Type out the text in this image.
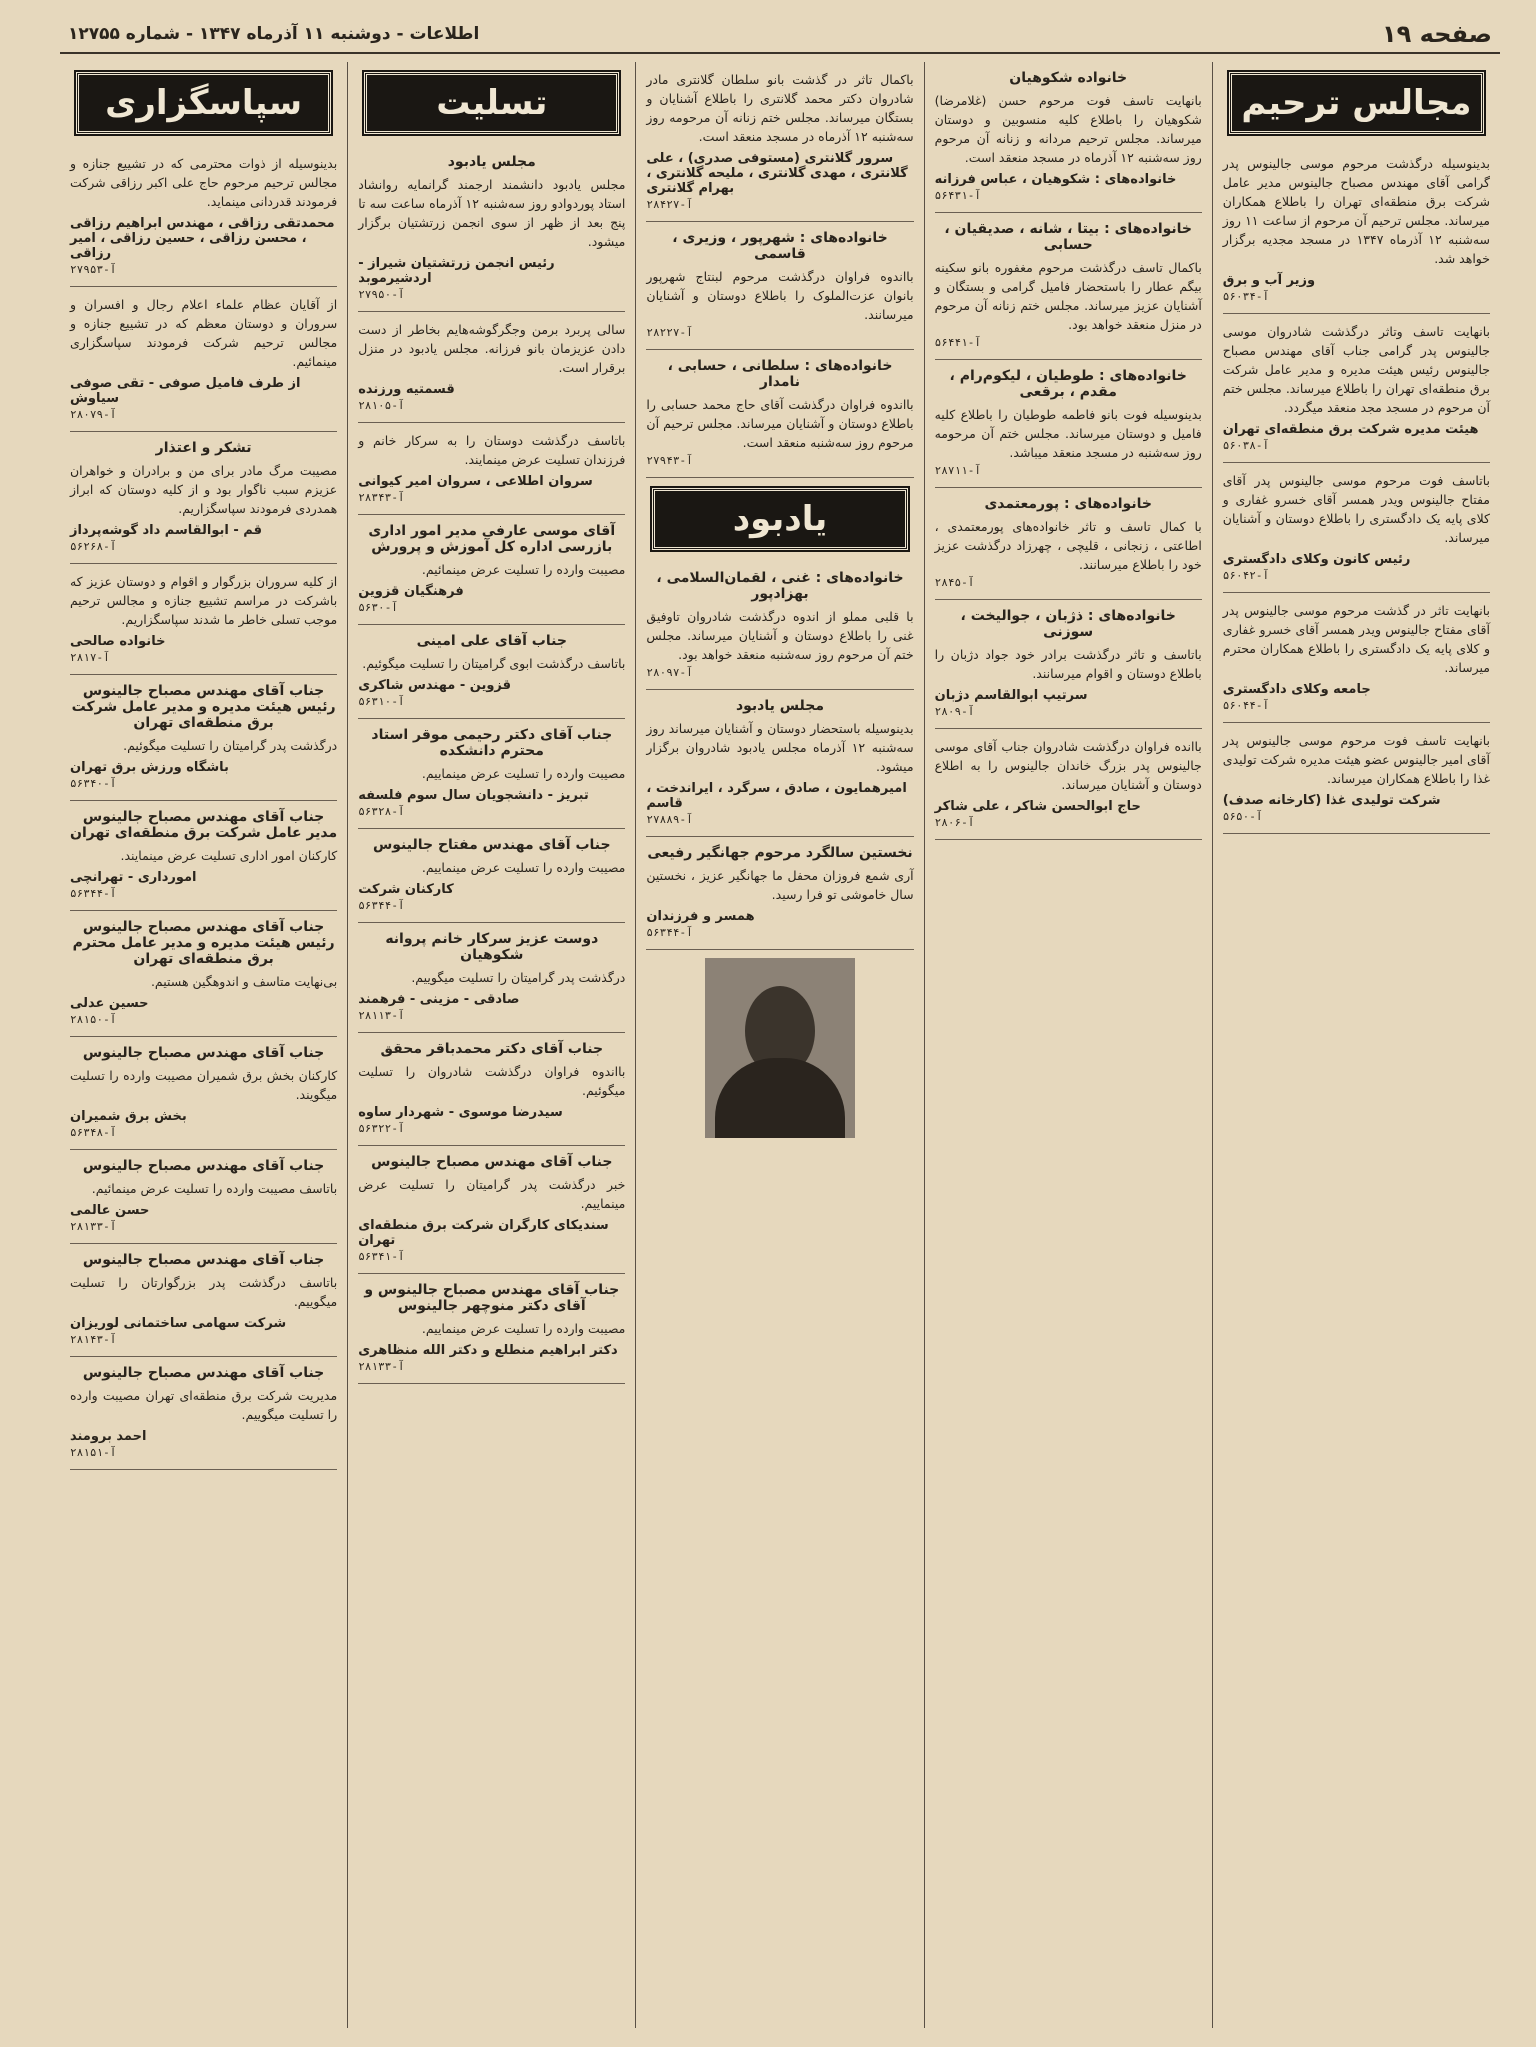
صفحه ۱۹
اطلاعات - دوشنبه ۱۱ آذرماه ۱۳۴۷ - شماره ۱۲۷۵۵
مجالس ترحیم

بدینوسیله درگذشت مرحوم موسی جالینوس پدر گرامی آقای مهندس مصباح جالینوس مدیر عامل شرکت برق منطقه‌ای تهران را باطلاع همکاران میرساند. مجلس ترحیم آن مرحوم از ساعت ۱۱ روز سه‌شنبه ۱۲ آذرماه ۱۳۴۷ در مسجد مجدیه برگزار خواهد شد.

وزیر آب و برق
آ-۵۶۰۳۴

بانهایت تاسف وتاثر درگذشت شادروان موسی جالینوس پدر گرامی جناب آقای مهندس مصباح جالینوس رئیس هیئت مدیره و مدیر عامل شرکت برق منطقه‌ای تهران را باطلاع میرساند. مجلس ختم آن مرحوم در مسجد مجد منعقد میگردد.

هیئت مدیره شرکت برق منطقه‌ای تهران
آ-۵۶۰۳۸

باتاسف فوت مرحوم موسی جالینوس پدر آقای مفتاح جالینوس ویدر همسر آقای خسرو غفاری و کلای پایه یک دادگستری را باطلاع دوستان و آشنایان میرساند.

رئیس کانون وکلای دادگستری
آ-۵۶۰۴۲

بانهایت تاثر در گذشت مرحوم موسی جالینوس پدر آقای مفتاح جالینوس ویدر همسر آقای خسرو غفاری و کلای پایه یک دادگستری را باطلاع همکاران محترم میرساند.

جامعه وکلای دادگستری
آ-۵۶۰۴۴

بانهایت تاسف فوت مرحوم موسی جالینوس پدر آقای امیر جالینوس عضو هیئت مدیره شرکت تولیدی غذا را باطلاع همکاران میرساند.

شرکت تولیدی غذا (کارخانه صدف)
آ-۵۶۵۰
خانواده شکوهیان

بانهایت تاسف فوت مرحوم حسن (غلامرضا) شکوهیان را باطلاع کلیه منسوبین و دوستان میرساند. مجلس ترحیم مردانه و زنانه آن مرحوم روز سه‌شنبه ۱۲ آذرماه در مسجد منعقد است.

خانواده‌های : شکوهیان ، عباس فرزانه
آ-۵۶۴۳۱
خانواده‌های : بیتا ، شانه ، صدیقیان ، حسابی

باکمال تاسف درگذشت مرحوم مغفوره بانو سکینه بیگم عطار را باستحضار فامیل گرامی و بستگان و آشنایان عزیز میرساند. مجلس ختم زنانه آن مرحوم در منزل منعقد خواهد بود.

آ-۵۶۴۴۱
خانواده‌های : طوطیان ، لیکوم‌رام ، مقدم ، برقعی

بدینوسیله فوت بانو فاطمه طوطیان را باطلاع کلیه فامیل و دوستان میرساند. مجلس ختم آن مرحومه روز سه‌شنبه در مسجد منعقد میباشد.

آ-۲۸۷۱۱
خانواده‌های : پورمعتمدی

با کمال تاسف و تاثر خانواده‌های پورمعتمدی ، اطاعتی ، زنجانی ، قلیچی ، چهرزاد درگذشت عزیز خود را باطلاع میرسانند.

آ-۲۸۴۵
خانواده‌های : ذژبان ، جوالیخت ، سوزنی

باتاسف و تاثر درگذشت برادر خود جواد دژبان را باطلاع دوستان و اقوام میرسانند.

سرتیپ ابوالقاسم دژبان
آ-۲۸۰۹

باانده فراوان درگذشت شادروان جناب آقای موسی جالینوس پدر بزرگ خاندان جالینوس را به اطلاع دوستان و آشنایان میرساند.

حاج ابوالحسن شاکر ، علی شاکر
آ-۲۸۰۶

باکمال تاثر در گذشت بانو سلطان گلانتری مادر شادروان دکتر محمد گلانتری را باطلاع آشنایان و بستگان میرساند. مجلس ختم زنانه آن مرحومه روز سه‌شنبه ۱۲ آذرماه در مسجد منعقد است.

سرور گلانتری (مستوفی صدری) ، علی گلانتری ، مهدی گلانتری ، ملیحه گلانتری ، بهرام گلانتری
آ-۲۸۴۲۷
خانواده‌های : شهرپور ، وزیری ، قاسمی

بااندوه فراوان درگذشت مرحوم لبنتاج شهرپور بانوان عزت‌الملوک را باطلاع دوستان و آشنایان میرسانند.

آ-۲۸۲۲۷
خانواده‌های : سلطانی ، حسابی ، نامدار

بااندوه فراوان درگذشت آقای حاج محمد حسابی را باطلاع دوستان و آشنایان میرساند. مجلس ترحیم آن مرحوم روز سه‌شنبه منعقد است.

آ-۲۷۹۴۳
یادبود
خانواده‌های : غنی ، لقمان‌السلامی ، بهزادپور

با قلبی مملو از اندوه درگذشت شادروان تاوفیق غنی را باطلاع دوستان و آشنایان میرساند. مجلس ختم آن مرحوم روز سه‌شنبه منعقد خواهد بود.

آ-۲۸۰۹۷
مجلس یادبود

بدینوسیله باستحضار دوستان و آشنایان میرساند روز سه‌شنبه ۱۲ آذرماه مجلس یادبود شادروان برگزار میشود.

امیرهمایون ، صادق ، سرگرد ، ایراندخت ، قاسم
آ-۲۷۸۸۹
نخستین سالگرد مرحوم جهانگیر رفیعی

آری شمع فروزان محفل ما جهانگیر عزیز ، نخستین سال خاموشی تو فرا رسید.

همسر و فرزندان
آ-۵۶۳۴۴
تسلیت
مجلس یادبود

مجلس یادبود دانشمند ارجمند گرانمایه روانشاد استاد پوردوادو روز سه‌شنبه ۱۲ آذرماه ساعت سه تا پنج بعد از ظهر از سوی انجمن زرتشتیان برگزار میشود.

رئیس انجمن زرتشتیان شیراز - اردشیرموبد
آ-۲۷۹۵۰

سالی پربرد برمن وجگرگوشه‌هایم بخاطر از دست دادن عزیزمان بانو فرزانه. مجلس یادبود در منزل برقرار است.

قسمتیه ورزنده
آ-۲۸۱۰۵

باتاسف درگذشت دوستان را به سرکار خانم و فرزندان تسلیت عرض مینمایند.

سروان اطلاعی ، سروان امیر کیوانی
آ-۲۸۳۴۳
آقای موسی عارفی مدیر امور اداری بازرسی اداره کل آموزش و پرورش

مصیبت وارده را تسلیت عرض مینمائیم.

فرهنگیان قزوین
آ-۵۶۳۰
جناب آقای علی امینی

باتاسف درگذشت ابوی گرامیتان را تسلیت میگوئیم.

قزوین - مهندس شاکری
آ-۵۶۳۱۰
جناب آقای دکتر رحیمی موقر استاد محترم دانشکده

مصیبت وارده را تسلیت عرض مینماییم.

تبریز - دانشجویان سال سوم فلسفه
آ-۵۶۳۲۸
جناب آقای مهندس مفتاح جالینوس

مصیبت وارده را تسلیت عرض مینماییم.

کارکنان شرکت
آ-۵۶۳۴۴
دوست عزیز سرکار خانم پروانه شکوهیان

درگذشت پدر گرامیتان را تسلیت میگوییم.

صادقی - مزینی - فرهمند
آ-۲۸۱۱۳
جناب آقای دکتر محمدباقر محقق

بااندوه فراوان درگذشت شادروان را تسلیت میگوئیم.

سیدرضا موسوی - شهردار ساوه
آ-۵۶۳۲۲
جناب آقای مهندس مصباح جالینوس

خبر درگذشت پدر گرامیتان را تسلیت عرض مینماییم.

سندیکای کارگران شرکت برق منطقه‌ای تهران
آ-۵۶۳۴۱
جناب آقای مهندس مصباح جالینوس و آقای دکتر منوچهر جالینوس

مصیبت وارده را تسلیت عرض مینماییم.

دکتر ابراهیم منطلع و دکتر الله منظاهری
آ-۲۸۱۳۳
سپاسگزاری

بدینوسیله از ذوات محترمی که در تشییع جنازه و مجالس ترحیم مرحوم حاج علی اکبر رزاقی شرکت فرمودند قدردانی مینماید.

محمدتقی رزاقی ، مهندس ابراهیم رزاقی ، محسن رزاقی ، حسین رزاقی ، امیر رزاقی
آ-۲۷۹۵۳

از آقایان عظام علماء اعلام رجال و افسران و سروران و دوستان معظم که در تشییع جنازه و مجالس ترحیم شرکت فرمودند سپاسگزاری مینمائیم.

از طرف فامیل صوفی - تقی صوفی سیاوش
آ-۲۸۰۷۹
تشکر و اعتذار

مصیبت مرگ مادر برای من و برادران و خواهران عزیزم سبب ناگوار بود و از کلیه دوستان که ابراز همدردی فرمودند سپاسگزاریم.

قم - ابوالقاسم داد گوشه‌پرداز
آ-۵۶۲۶۸

از کلیه سروران بزرگوار و اقوام و دوستان عزیز که باشرکت در مراسم تشییع جنازه و مجالس ترحیم موجب تسلی خاطر ما شدند سپاسگزاریم.

خانواده صالحی
آ-۲۸۱۷
جناب آقای مهندس مصباح جالینوس رئیس هیئت مدیره و مدیر عامل شرکت برق منطقه‌ای تهران

درگذشت پدر گرامیتان را تسلیت میگوئیم.

باشگاه ورزش برق تهران
آ-۵۶۳۴۰
جناب آقای مهندس مصباح جالینوس مدیر عامل شرکت برق منطقه‌ای تهران

کارکنان امور اداری تسلیت عرض مینمایند.

امورداری - تهرانچی
آ-۵۶۳۴۴
جناب آقای مهندس مصباح جالینوس رئیس هیئت مدیره و مدیر عامل محترم برق منطقه‌ای تهران

بی‌نهایت متاسف و اندوهگین هستیم.

حسین عدلی
آ-۲۸۱۵۰
جناب آقای مهندس مصباح جالینوس

کارکنان بخش برق شمیران مصیبت وارده را تسلیت میگویند.

بخش برق شمیران
آ-۵۶۳۴۸
جناب آقای مهندس مصباح جالینوس

باتاسف مصیبت وارده را تسلیت عرض مینمائیم.

حسن عالمی
آ-۲۸۱۳۳
جناب آقای مهندس مصباح جالینوس

باتاسف درگذشت پدر بزرگوارتان را تسلیت میگوییم.

شرکت سهامی ساختمانی لوریزان
آ-۲۸۱۴۳
جناب آقای مهندس مصباح جالینوس

مدیریت شرکت برق منطقه‌ای تهران مصیبت وارده را تسلیت میگوییم.

احمد برومند
آ-۲۸۱۵۱
